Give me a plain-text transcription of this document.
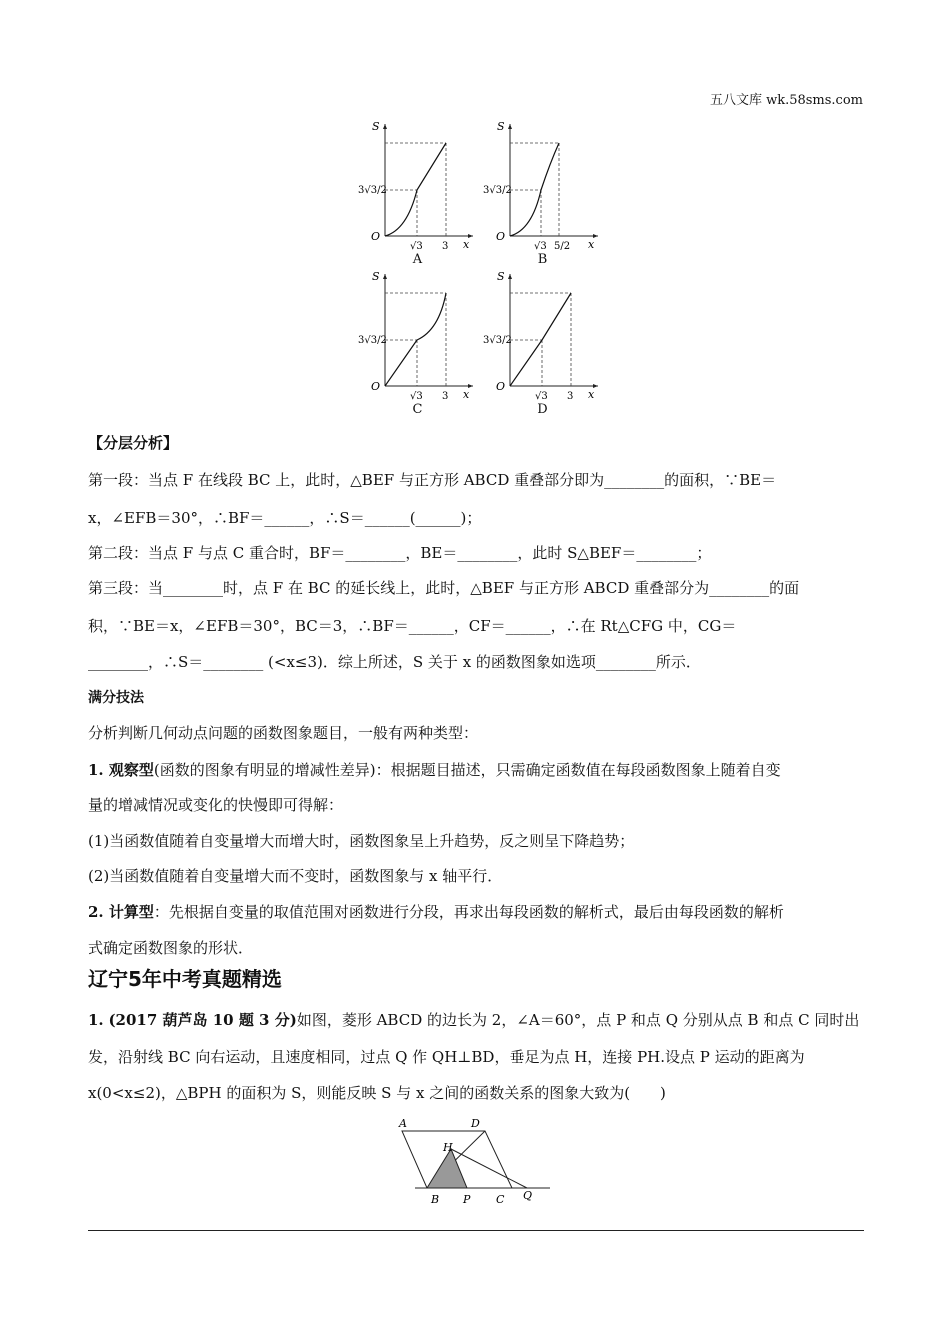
五八文库 wk.58sms.com
S
x
O
3√3/2
√3 3
A
S
x
O
3√3/2
√3 5/2
B
S
x
O
3√3/2
√3 3
C
S
x
O
3√3/2
√3 3
D
【分层分析】
第一段：当点 F 在线段 BC 上，此时，△BEF 与正方形 ABCD 重叠部分即为________的面积，∵BE＝
x，∠EFB＝30°，∴BF＝______，∴S＝______(______)；
第二段：当点 F 与点 C 重合时，BF＝________，BE＝________，此时 S△BEF＝________；
第三段：当________时，点 F 在 BC 的延长线上，此时，△BEF 与正方形 ABCD 重叠部分为________的面
积，∵BE＝x，∠EFB＝30°，BC＝3，∴BF＝______，CF＝______，∴在 Rt△CFG 中，CG＝
________，∴S＝________ (<x≤3)．综上所述，S 关于 x 的函数图象如选项________所示．
满分技法
分析判断几何动点问题的函数图象题目，一般有两种类型：
1. 观察型(函数的图象有明显的增减性差异)：根据题目描述，只需确定函数值在每段函数图象上随着自变
量的增减情况或变化的快慢即可得解：
(1)当函数值随着自变量增大而增大时，函数图象呈上升趋势，反之则呈下降趋势；
(2)当函数值随着自变量增大而不变时，函数图象与 x 轴平行．
2. 计算型：先根据自变量的取值范围对函数进行分段，再求出每段函数的解析式，最后由每段函数的解析
式确定函数图象的形状．
辽宁5年中考真题精选
1. (2017 葫芦岛 10 题 3 分)如图，菱形 ABCD 的边长为 2，∠A＝60°，点 P 和点 Q 分别从点 B 和点 C 同时出
发，沿射线 BC 向右运动，且速度相同，过点 Q 作 QH⊥BD，垂足为点 H，连接 PH.设点 P 运动的距离为
x(0<x≤2)，△BPH 的面积为 S，则能反映 S 与 x 之间的函数关系的图象大致为(　　)
A	D
H
B P C Q
